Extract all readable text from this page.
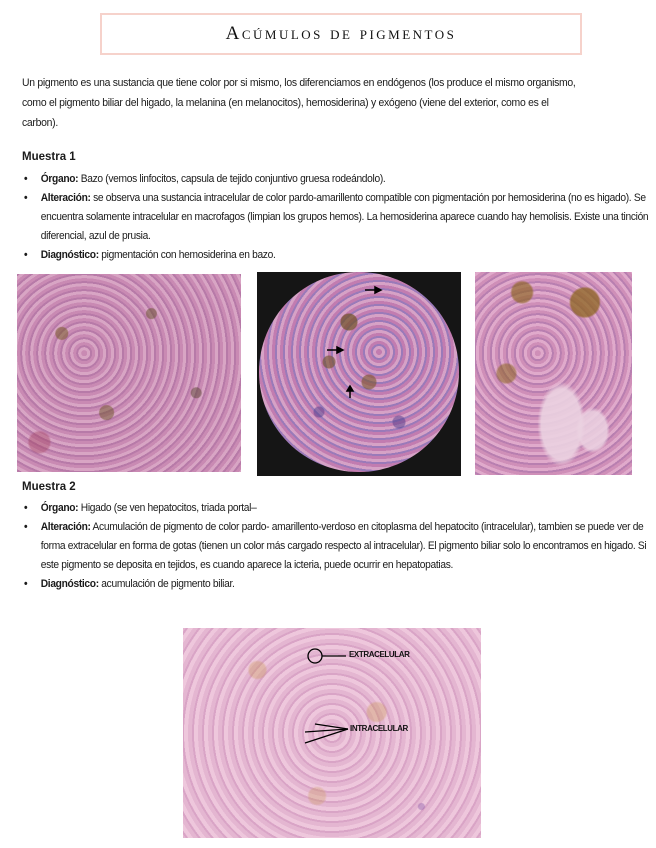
Acúmulos de pigmentos
Un pigmento es una sustancia que tiene color por si mismo, los diferenciamos en endógenos (los produce el mismo organismo, como el pigmento biliar del higado, la melanina (en melanocitos), hemosiderina) y exógeno (viene del exterior, como es el carbon).
Muestra 1
• Órgano: Bazo (vemos linfocitos, capsula de tejido conjuntivo gruesa rodeándolo).
• Alteración: se observa una sustancia intracelular de color pardo-amarillento compatible con pigmentación por hemosiderina (no es higado). Se encuentra solamente intracelular en macrofagos (limpian los grupos hemos). La hemosiderina aparece cuando hay hemolisis. Existe una tinción diferencial, azul de prusia.
• Diagnóstico: pigmentación con hemosiderina en bazo.
Muestra 2
• Órgano: Higado (se ven hepatocitos, triada portal–
• Alteración: Acumulación de pigmento de color pardo- amarillento-verdoso en citoplasma del hepatocito (intracelular), tambien se puede ver de forma extracelular en forma de gotas (tienen un color más cargado respecto al intracelular). El pigmento biliar solo lo encontramos en higado. Si este pigmento se deposita en tejidos, es cuando aparece la icteria, puede ocurrir en hepatopatias.
• Diagnóstico: acumulación de pigmento biliar.
EXTRACELULAR
INTRACELULAR
